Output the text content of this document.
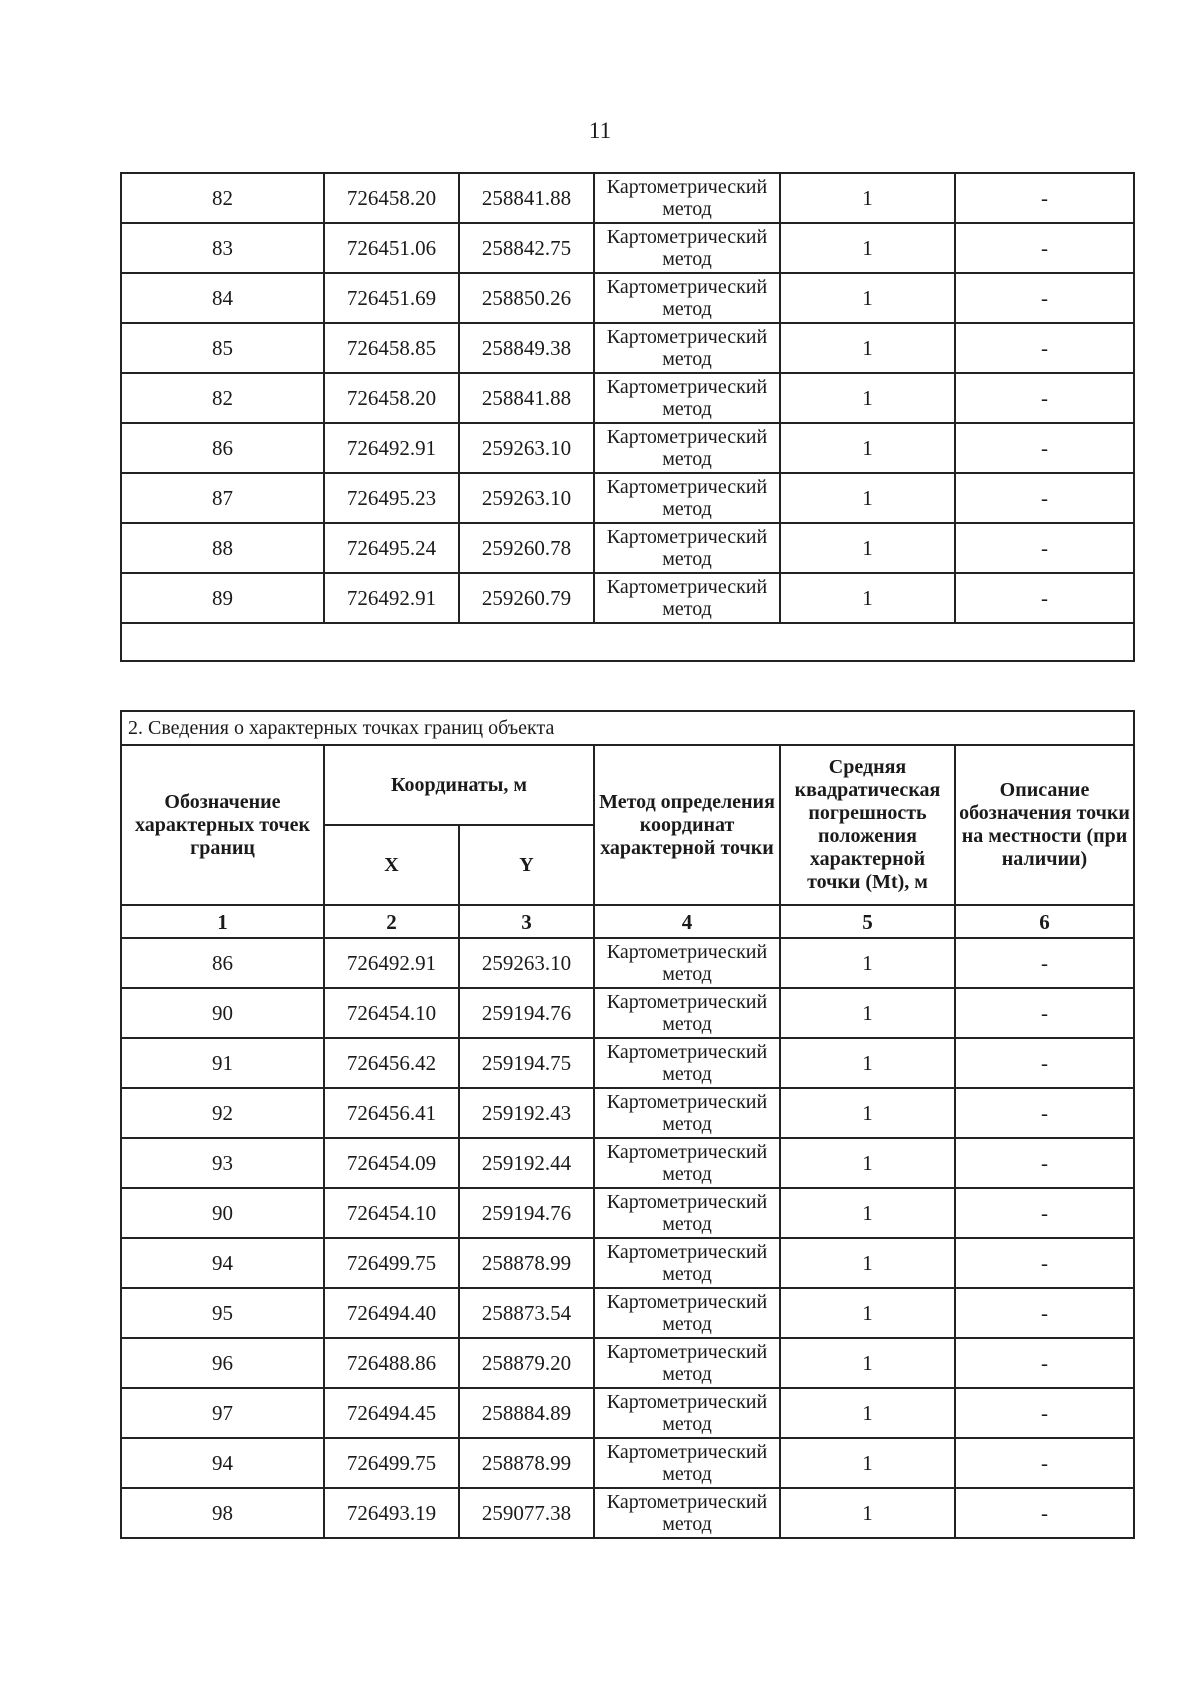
11
82	726458.20	258841.88	Картометрический метод	1	-
83	726451.06	258842.75	Картометрический метод	1	-
84	726451.69	258850.26	Картометрический метод	1	-
85	726458.85	258849.38	Картометрический метод	1	-
82	726458.20	258841.88	Картометрический метод	1	-
86	726492.91	259263.10	Картометрический метод	1	-
87	726495.23	259263.10	Картометрический метод	1	-
88	726495.24	259260.78	Картометрический метод	1	-
89	726492.91	259260.79	Картометрический метод	1	-

2. Сведения о характерных точках границ объекта					
Обозначение характерных точек границ	Координаты, м		Метод определения координат характерной точки	Средняя квадратическая погрешность положения характерной точки (Mt), м	Описание обозначения точки на местности (при наличии)
	X	Y			
1	2	3	4	5	6
86	726492.91	259263.10	Картометрический метод	1	-
90	726454.10	259194.76	Картометрический метод	1	-
91	726456.42	259194.75	Картометрический метод	1	-
92	726456.41	259192.43	Картометрический метод	1	-
93	726454.09	259192.44	Картометрический метод	1	-
90	726454.10	259194.76	Картометрический метод	1	-
94	726499.75	258878.99	Картометрический метод	1	-
95	726494.40	258873.54	Картометрический метод	1	-
96	726488.86	258879.20	Картометрический метод	1	-
97	726494.45	258884.89	Картометрический метод	1	-
94	726499.75	258878.99	Картометрический метод	1	-
98	726493.19	259077.38	Картометрический метод	1	-
